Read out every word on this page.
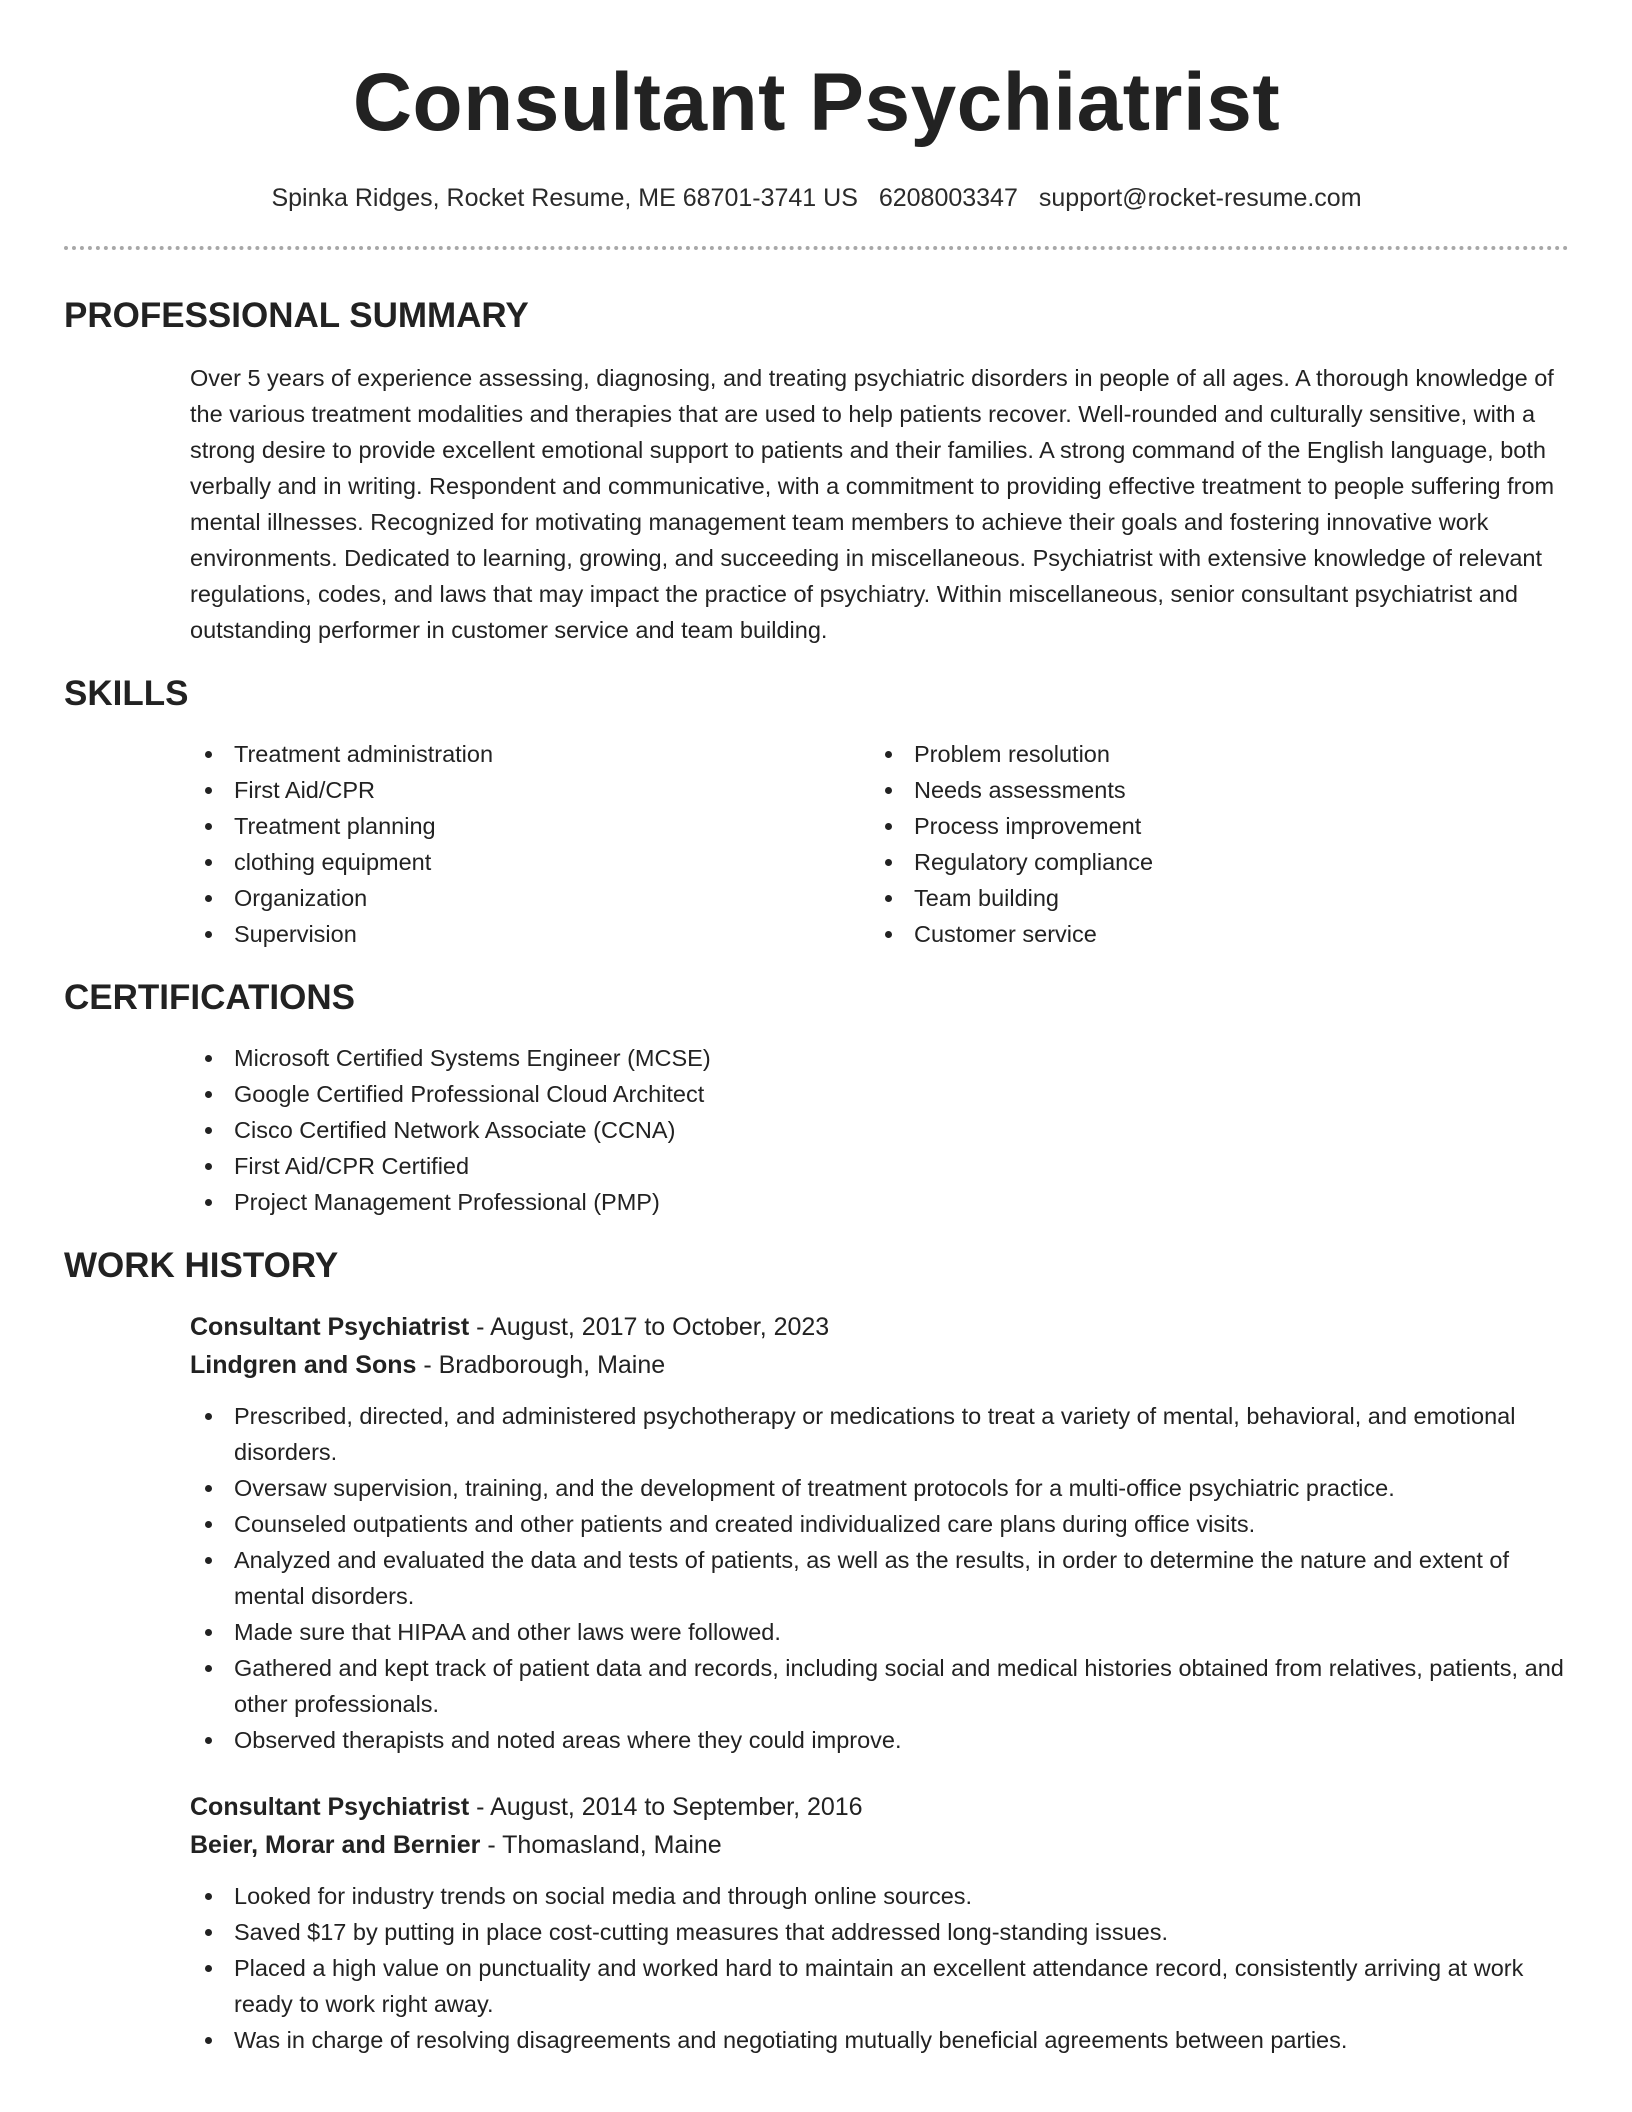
Consultant Psychiatrist
Spinka Ridges, Rocket Resume, ME 68701-3741 US 6208003347 support@rocket-resume.com
PROFESSIONAL SUMMARY

Over 5 years of experience assessing, diagnosing, and treating psychiatric disorders in people of all ages. A thorough knowledge of the various treatment modalities and therapies that are used to help patients recover. Well-rounded and culturally sensitive, with a strong desire to provide excellent emotional support to patients and their families. A strong command of the English language, both verbally and in writing. Respondent and communicative, with a commitment to providing effective treatment to people suffering from mental illnesses. Recognized for motivating management team members to achieve their goals and fostering innovative work environments. Dedicated to learning, growing, and succeeding in miscellaneous. Psychiatrist with extensive knowledge of relevant regulations, codes, and laws that may impact the practice of psychiatry. Within miscellaneous, senior consultant psychiatrist and outstanding performer in customer service and team building.

SKILLS
Treatment administration
First Aid/CPR
Treatment planning
clothing equipment
Organization
Supervision
Problem resolution
Needs assessments
Process improvement
Regulatory compliance
Team building
Customer service
CERTIFICATIONS
Microsoft Certified Systems Engineer (MCSE)
Google Certified Professional Cloud Architect
Cisco Certified Network Associate (CCNA)
First Aid/CPR Certified
Project Management Professional (PMP)
WORK HISTORY
Consultant Psychiatrist - August, 2017 to October, 2023
Lindgren and Sons - Bradborough, Maine
Prescribed, directed, and administered psychotherapy or medications to treat a variety of mental, behavioral, and emotional disorders.
Oversaw supervision, training, and the development of treatment protocols for a multi-office psychiatric practice.
Counseled outpatients and other patients and created individualized care plans during office visits.
Analyzed and evaluated the data and tests of patients, as well as the results, in order to determine the nature and extent of mental disorders.
Made sure that HIPAA and other laws were followed.
Gathered and kept track of patient data and records, including social and medical histories obtained from relatives, patients, and other professionals.
Observed therapists and noted areas where they could improve.
Consultant Psychiatrist - August, 2014 to September, 2016
Beier, Morar and Bernier - Thomasland, Maine
Looked for industry trends on social media and through online sources.
Saved $17 by putting in place cost-cutting measures that addressed long-standing issues.
Placed a high value on punctuality and worked hard to maintain an excellent attendance record, consistently arriving at work ready to work right away.
Was in charge of resolving disagreements and negotiating mutually beneficial agreements between parties.
